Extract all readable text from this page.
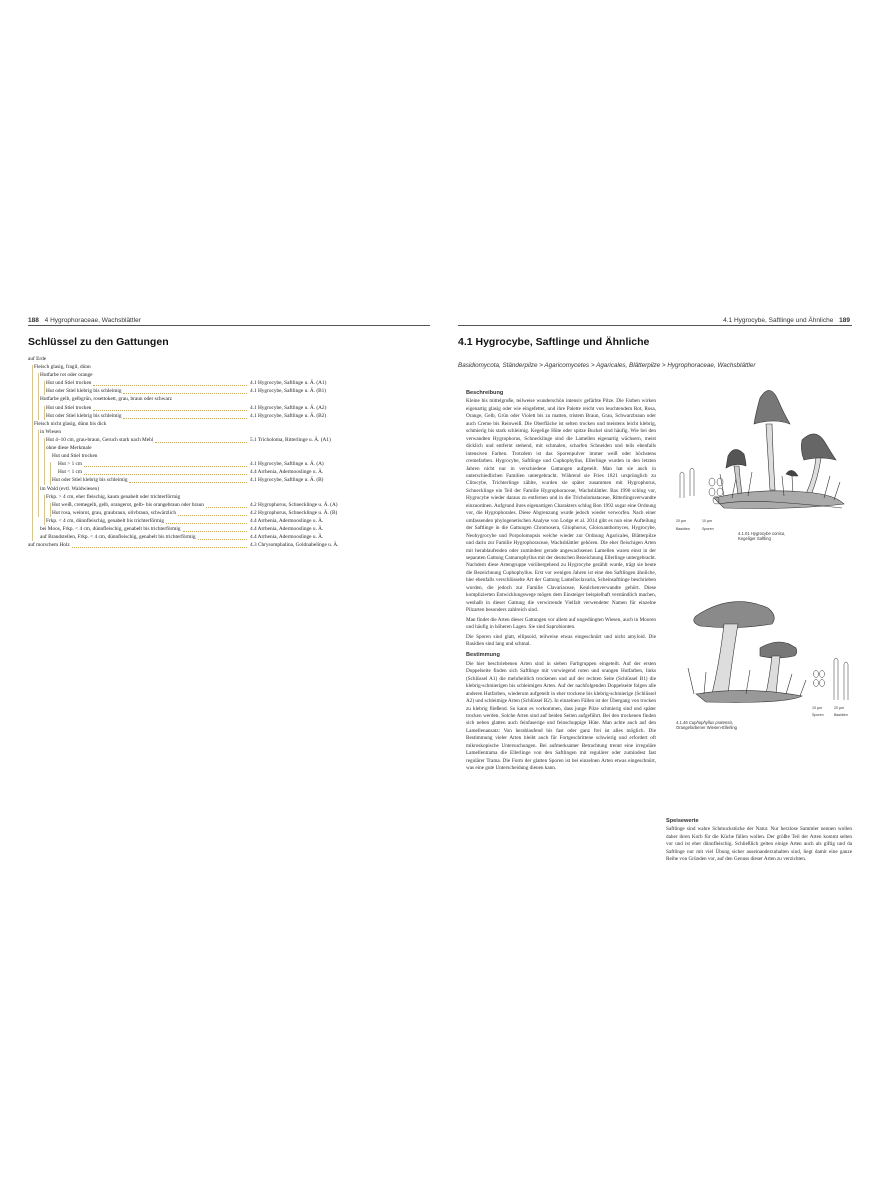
188 4 Hygrophoraceae, Wachsblättler
Schlüssel zu den Gattungen
auf Erde
Fleisch glasig, fragil, dünn
Hutfarbe rot oder orange
Hut und Stiel trocken	4.1 Hygrocybe, Saftlinge u. Ä. (A1)
Hut oder Stiel klebrig bis schleimig	4.1 Hygrocybe, Saftlinge u. Ä. (B1)
Hutfarbe gelb, gelbgrün, rosettokett, grau, braun oder schwarz
Hut und Stiel trocken	4.1 Hygrocybe, Saftlinge u. Ä. (A2)
Hut oder Stiel klebrig bis schleimig	4.1 Hygrocybe, Saftlinge u. Ä. (B2)
Fleisch nicht glasig, dünn bis dick
in Wiesen
Hut 4–10 cm, grau-braun, Geruch stark nach Mehl	5.1 Tricholoma, Ritterlinge u. Ä. (A1)
ohne diese Merkmale
Hut und Stiel trocken
Hut > 1 cm	4.1 Hygrocybe, Saftlinge u. Ä. (A)
Hut < 1 cm	4.4 Arrhenia, Adermooslinge u. Ä.
Hut oder Stiel klebrig bis schleimig	4.1 Hygrocybe, Saftlinge u. Ä. (B)
im Wald (evtl. Waldwiesen)
Frkp. > 4 cm, eher fleischig, kaum genabelt oder trichterförmig
Hut weiß, cremegelb, gelb, orangerot, gelb- bis orangebraun oder braun	4.2 Hygrophorus, Schnecklinge u. Ä. (A)
Hut rosa, weinrot, grau, graubraun, olivbraun, schwärzlich	4.2 Hygrophorus, Schnecklinge u. Ä. (B)
Frkp. < 4 cm, dünnfleischig, genabelt bis trichterförmig	4.4 Arrhenia, Adermooslinge u. Ä.
bei Moos, Frkp. < 4 cm, dünnfleischig, genabelt bis trichterförmig	4.4 Arrhenia, Adermooslinge u. Ä.
auf Brandstellen, Frkp. < 4 cm, dünnfleischig, genabelt bis trichterförmig	4.4 Arrhenia, Adermooslinge u. Ä.
auf morschem Holz	4.3 Chrysomphalina, Goldnabelinge u. Ä.
4.1 Hygrocybe, Saftlinge und Ähnliche 189
4.1 Hygrocybe, Saftlinge und Ähnliche
Basidiomycota, Ständerpilze > Agaricomycetes > Agaricales, Blätterpilze > Hygrophoraceae, Wachsblättler
Beschreibung

Kleine bis mittelgroße, teilweise wunderschön intensiv gefärbte Pilze. Die Farben wirken eigenartig glasig oder wie eingefettet, und ihre Palette reicht von leuchtendem Rot, Rosa, Orange, Gelb, Grün oder Violett bis zu matten, tristem Braun, Grau, Schwarzbraun oder auch Creme bis Reinweiß. Die Oberfläche ist selten trocken und meistens leicht klebrig, schmierig bis stark schleimig. Kegelige Hüte oder spitze Buckel sind häufig. Wie bei den verwandten Hygrophorus, Schnecklinge sind die Lamellen eigenartig wächsern, meist dicklich und entfernt stehend, mit schmalen, scharfen Schneiden und teils ebenfalls intensiven Farben. Trotzdem ist das Sporenpulver immer weiß oder höchstens cremefarben. Hygrocybe, Saftlinge und Cuphophyllus, Ellerlinge wurden in den letzten Jahren nicht nur in verschiedene Gattungen aufgeteilt. Man hat sie auch in unterschiedlichen Familien untergebracht. Während sie Fries 1821 ursprünglich zu Clitocybe, Trichterlinge zählte, wurden sie später zusammen mit Hygrophorus, Schnecklinge ein Teil der Familie Hygrophoraceae, Wachsblättler. Bas 1990 schlug vor, Hygrocybe wieder daraus zu entfernen und in die Tricholomataceae, Ritterlingsverwandte einzuordnen. Aufgrund ihres eigenartigen Charakters schlug Bon 1992 sogar eine Ordnung vor, die Hygrophorales. Diese Abgrenzung wurde jedoch wieder verworfen. Nach einer umfassenden phylogenetischen Analyse von Lodge et al. 2014 gibt es nun eine Aufteilung der Saftlinge in die Gattungen Chromosera, Gliophorus, Gloioxanthomyces, Hygrocybe, Neohygrocybe und Porpolomopsis welche wieder zur Ordnung Agaricales, Blätterpilze und darin zur Familie Hygrophoraceae, Wachsblättler gehören. Die eher fleischigen Arten mit herablaufenden oder zumindest gerade angewachsenen Lamellen waren einst in der separaten Gattung Camarophyllus mit der deutschen Bezeichnung Ellerlinge untergebracht. Nachdem diese Artengruppe vorübergehend zu Hygrocybe gezählt wurde, trägt sie heute die Bezeichnung Cuphophyllus. Erst vor wenigen Jahren ist eine den Saftlingen ähnliche, hier ebenfalls verschlüsselte Art der Gattung Lamelloclavaria, Scheinsaftlinge beschrieben worden, die jedoch zur Familie Clavariaceae, Keulchenverwandte gehört. Diese komplizierten Entwicklungswege mögen dem Einsteiger beispielhaft verständlich machen, weshalb in dieser Gattung die verwirrende Vielfalt verwendeter Namen für einzelne Pilzarten besonders zahlreich sind.

Man findet die Arten dieser Gattungen vor allem auf ungedüngten Wiesen, auch in Mooren und häufig in höheren Lagen. Sie sind Saprobionten.

Die Sporen sind glatt, ellipsoid, teilweise etwas eingeschnürt und nicht amyloid. Die Basidien sind lang und schmal.

Bestimmung

Die hier beschriebenen Arten sind in sieben Farbgruppen eingeteilt. Auf der ersten Doppelseite finden sich Saftlinge mit vorwiegend roten und orangen Hutfarben, links (Schlüssel A1) die mehrheitlich trockenen und auf der rechten Seite (Schlüssel B1) die klebrig-schmierigen bis schleimigen Arten. Auf der nachfolgenden Doppelseite folgen alle anderen Hutfarben, wiederum aufgeteilt in eher trockene bis klebrig-schmierige (Schlüssel A2) und schleimige Arten (Schlüssel B2). In einzelnen Fällen ist der Übergang von trocken zu klebrig fließend. So kann es vorkommen, dass junge Pilze schmierig sind und später trocken werden. Solche Arten sind auf beiden Seiten aufgeführt. Bei den trockenen finden sich neben glatten auch feinfaserige und feinschuppige Hüte. Man achte auch auf den Lamellenansatz: Von herablaufend bis fast oder ganz frei ist alles möglich. Die Bestimmung vieler Arten bleibt auch für Fortgeschrittene schwierig und erfordert oft mikroskopische Untersuchungen. Bei aufmerksamer Betrachtung trennt eine irreguläre Lamellentrama die Ellerlinge von den Saftlingen mit regulärer oder zumindest fast regulärer Trama. Die Form der glatten Sporen ist bei einzelnen Arten etwas eingeschnürt, was eine gute Unterscheidung dienen kann.

Speisewerte

Saftlinge sind wahre Schmuckstücke der Natur. Nur herzlose Sammler nennen wollen daher ihren Korb für die Küche füllen wollen. Der größte Teil der Arten kommt selten vor und ist eher dünnfleischig. Schließlich gelten einige Arten auch als giftig und da Saftlinge nur mit viel Übung sicher auseinanderzuhalten sind, liegt damit eine ganze Reihe von Gründen vor, auf den Genuss dieser Arten zu verzichten.

20 µm	10 µm
Basidien	Sporen
4.1.01 Hygrocybe conica,
Kegeliger Saftling
10 µm	20 µm
Sporen	Basidien
4.1.46 Cuphophyllus pratensis,
Orangefarbener Wiesen-Ellerling
